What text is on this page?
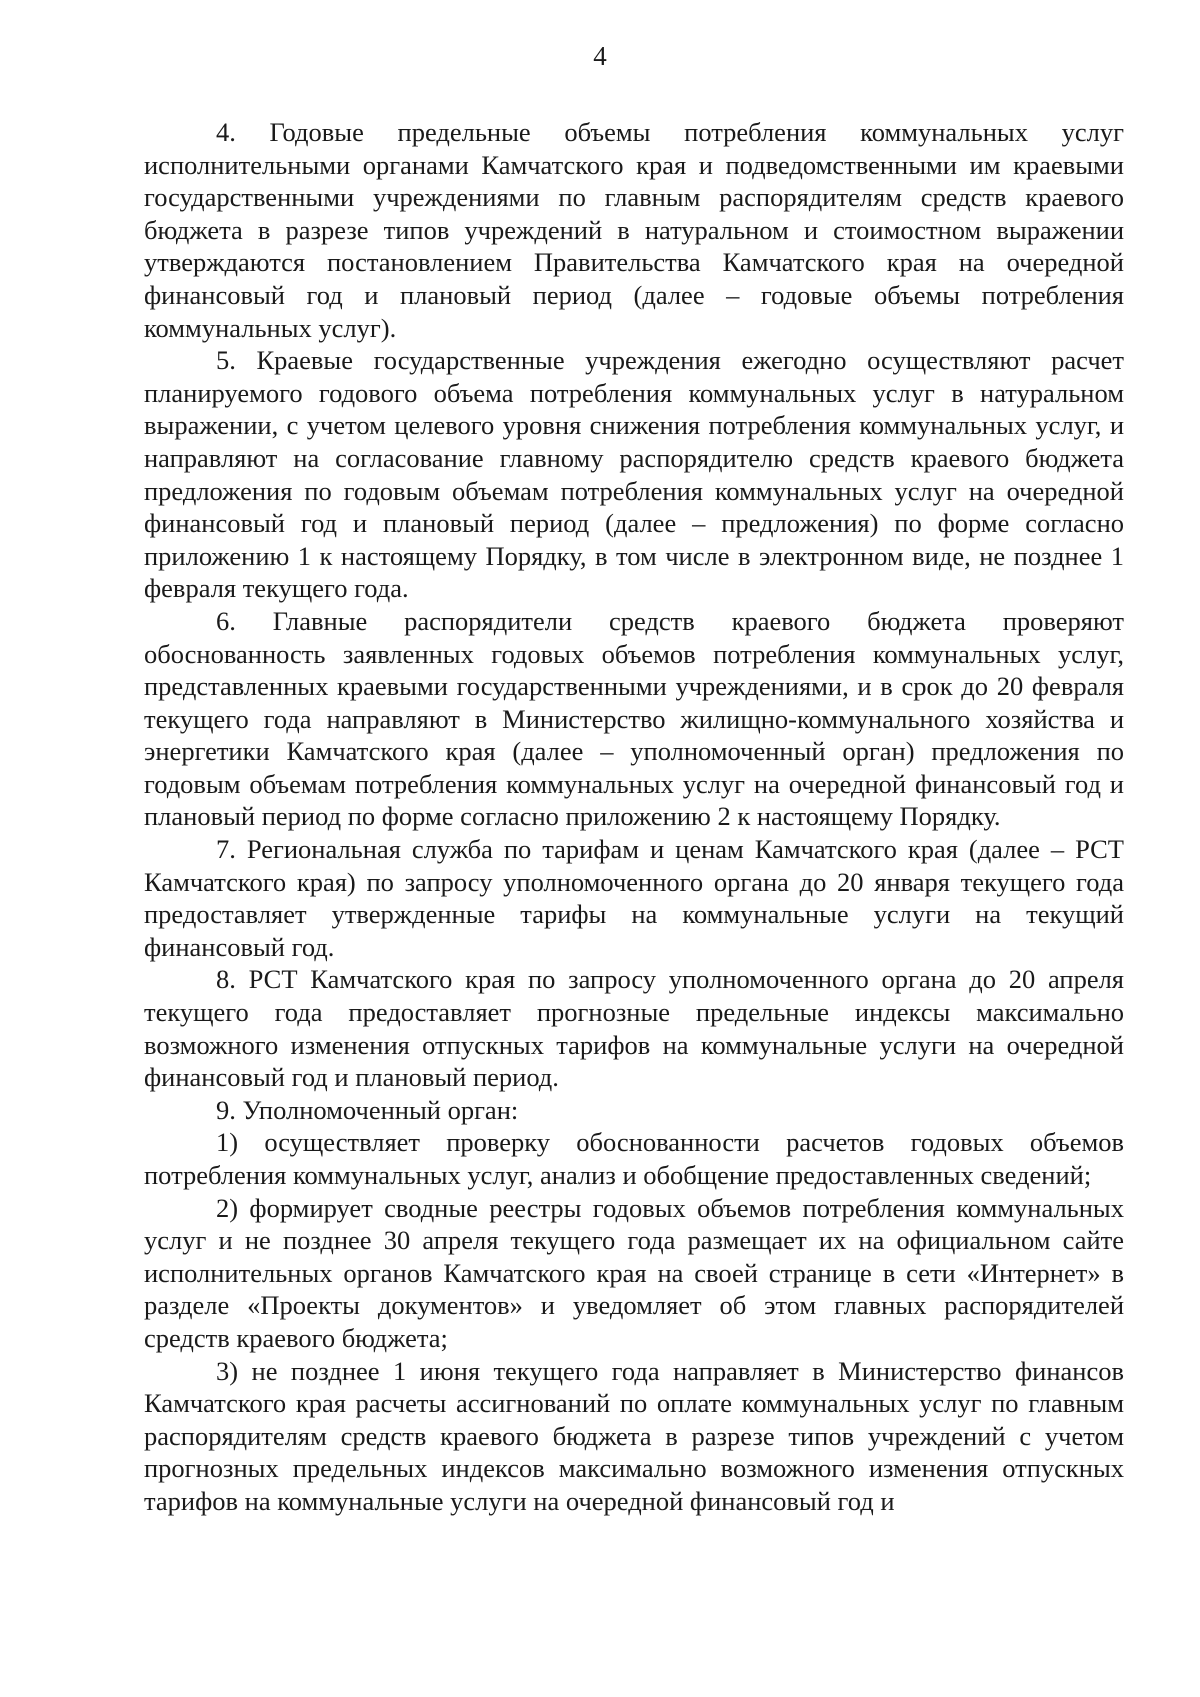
4

4. Годовые предельные объемы потребления коммунальных услуг исполнительными органами Камчатского края и подведомственными им краевыми государственными учреждениями по главным распорядителям средств краевого бюджета в разрезе типов учреждений в натуральном и стоимостном выражении утверждаются постановлением Правительства Камчатского края на очередной финансовый год и плановый период (далее – годовые объемы потребления коммунальных услуг).

5. Краевые государственные учреждения ежегодно осуществляют расчет планируемого годового объема потребления коммунальных услуг в натуральном выражении, с учетом целевого уровня снижения потребления коммунальных услуг, и направляют на согласование главному распорядителю средств краевого бюджета предложения по годовым объемам потребления коммунальных услуг на очередной финансовый год и плановый период (далее – предложения) по форме согласно приложению 1 к настоящему Порядку, в том числе в электронном виде, не позднее 1 февраля текущего года.

6. Главные распорядители средств краевого бюджета проверяют обоснованность заявленных годовых объемов потребления коммунальных услуг, представленных краевыми государственными учреждениями, и в срок до 20 февраля текущего года направляют в Министерство жилищно-коммунального хозяйства и энергетики Камчатского края (далее – уполномоченный орган) предложения по годовым объемам потребления коммунальных услуг на очередной финансовый год и плановый период по форме согласно приложению 2 к настоящему Порядку.

7. Региональная служба по тарифам и ценам Камчатского края (далее – РСТ Камчатского края) по запросу уполномоченного органа до 20 января текущего года предоставляет утвержденные тарифы на коммунальные услуги на текущий финансовый год.

8. РСТ Камчатского края по запросу уполномоченного органа до 20 апреля текущего года предоставляет прогнозные предельные индексы максимально возможного изменения отпускных тарифов на коммунальные услуги на очередной финансовый год и плановый период.

9. Уполномоченный орган:

1) осуществляет проверку обоснованности расчетов годовых объемов потребления коммунальных услуг, анализ и обобщение предоставленных сведений;

2) формирует сводные реестры годовых объемов потребления коммунальных услуг и не позднее 30 апреля текущего года размещает их на официальном сайте исполнительных органов Камчатского края на своей странице в сети «Интернет» в разделе «Проекты документов» и уведомляет об этом главных распорядителей средств краевого бюджета;

3) не позднее 1 июня текущего года направляет в Министерство финансов Камчатского края расчеты ассигнований по оплате коммунальных услуг по главным распорядителям средств краевого бюджета в разрезе типов учреждений с учетом прогнозных предельных индексов максимально возможного изменения отпускных тарифов на коммунальные услуги на очередной финансовый год и
